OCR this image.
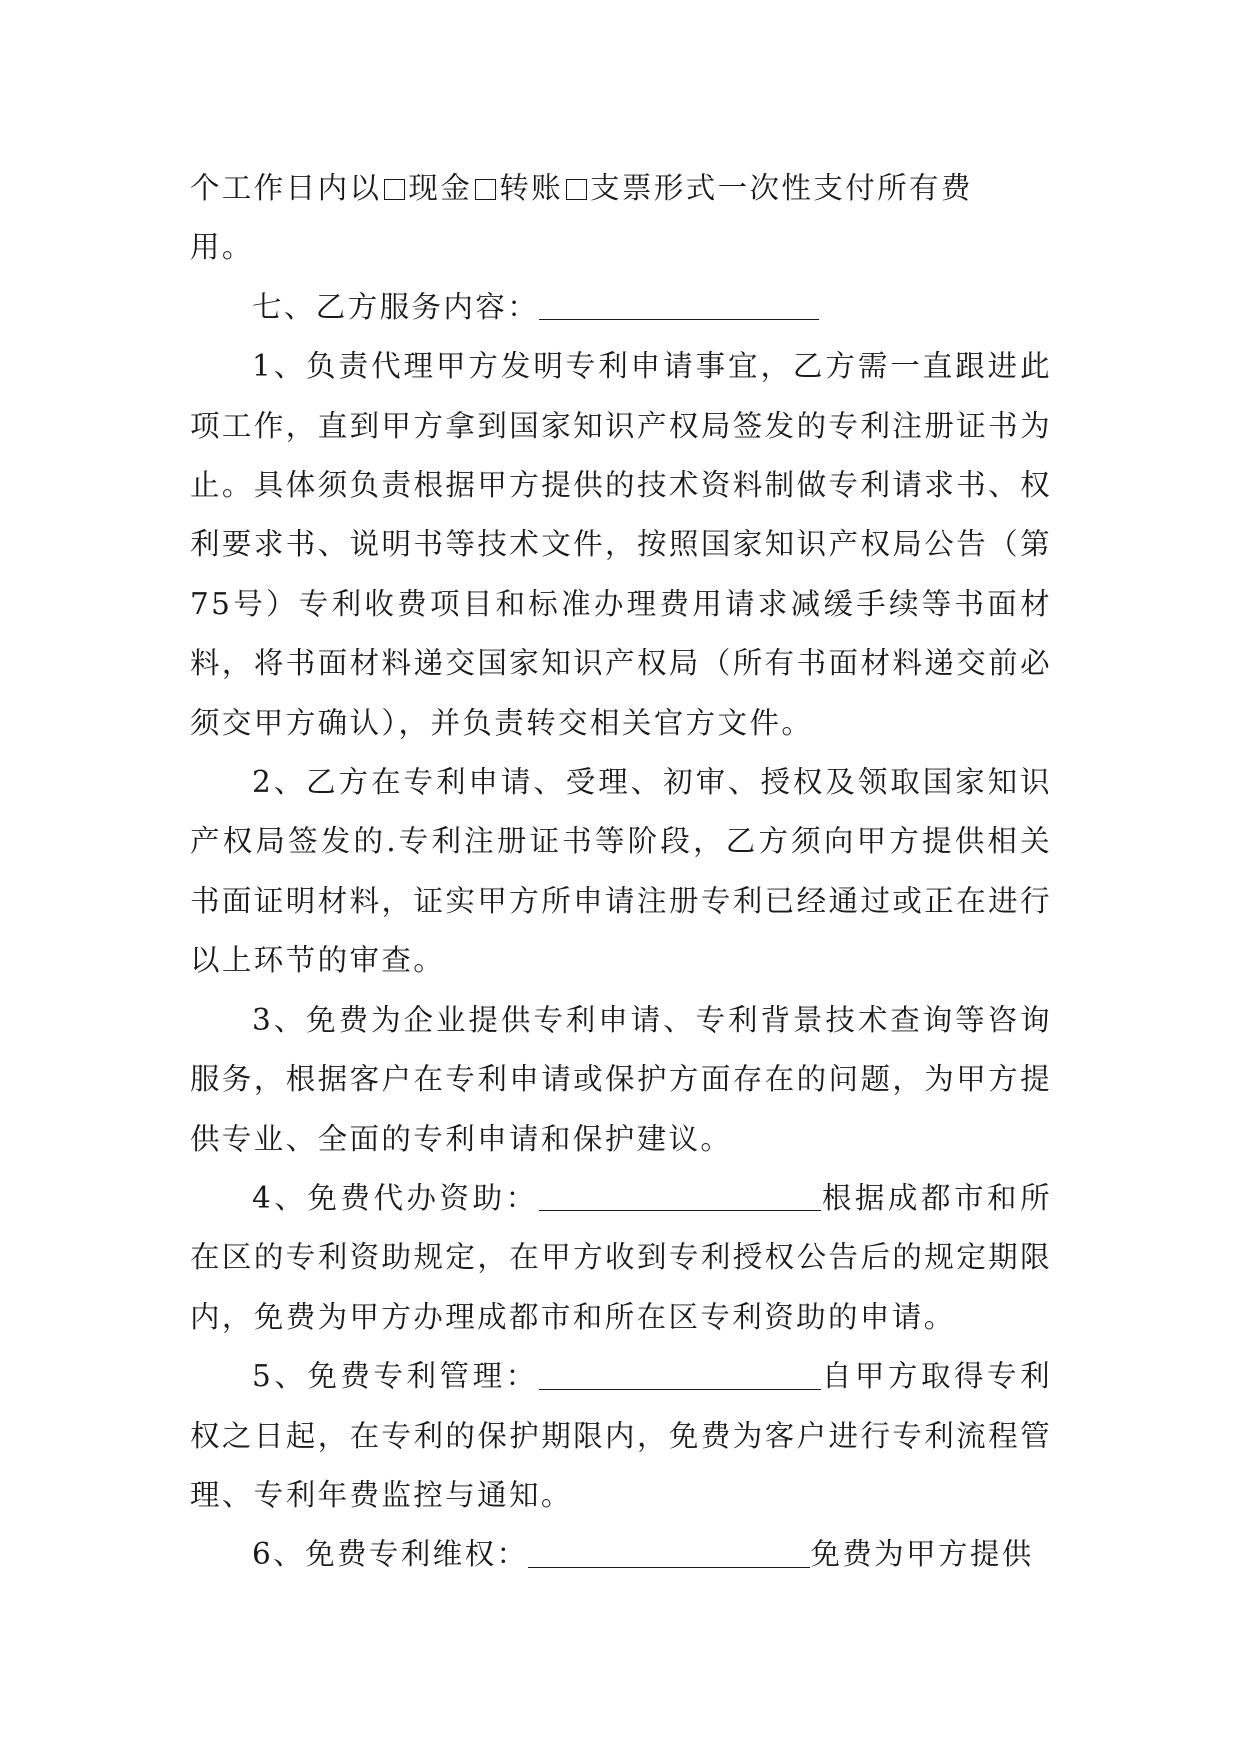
个工作日内以 现金 转账 支票形式一次性支付所有费

用。

七、乙方服务内容：

1、负责代理甲方发明专利申请事宜，乙方需一直跟进此项工作，直到甲方拿到国家知识产权局签发的专利注册证书为止。具体须负责根据甲方提供的技术资料制做专利请求书、权利要求书、说明书等技术文件，按照国家知识产权局公告（第75号）专利收费项目和标准办理费用请求减缓手续等书面材料，将书面材料递交国家知识产权局（所有书面材料递交前必须交甲方确认），并负责转交相关官方文件。

2、乙方在专利申请、受理、初审、授权及领取国家知识产权局签发的.专利注册证书等阶段，乙方须向甲方提供相关书面证明材料，证实甲方所申请注册专利已经通过或正在进行以上环节的审查。

3、免费为企业提供专利申请、专利背景技术查询等咨询服务，根据客户在专利申请或保护方面存在的问题，为甲方提供专业、全面的专利申请和保护建议。

4、免费代办资助：	根据成都市和所在区的专利资助规定，在甲方收到专利授权公告后的规定期限内，免费为甲方办理成都市和所在区专利资助的申请。

5、免费专利管理：	自甲方取得专利权之日起，在专利的保护期限内，免费为客户进行专利流程管理、专利年费监控与通知。

6、免费专利维权：	免费为甲方提供
